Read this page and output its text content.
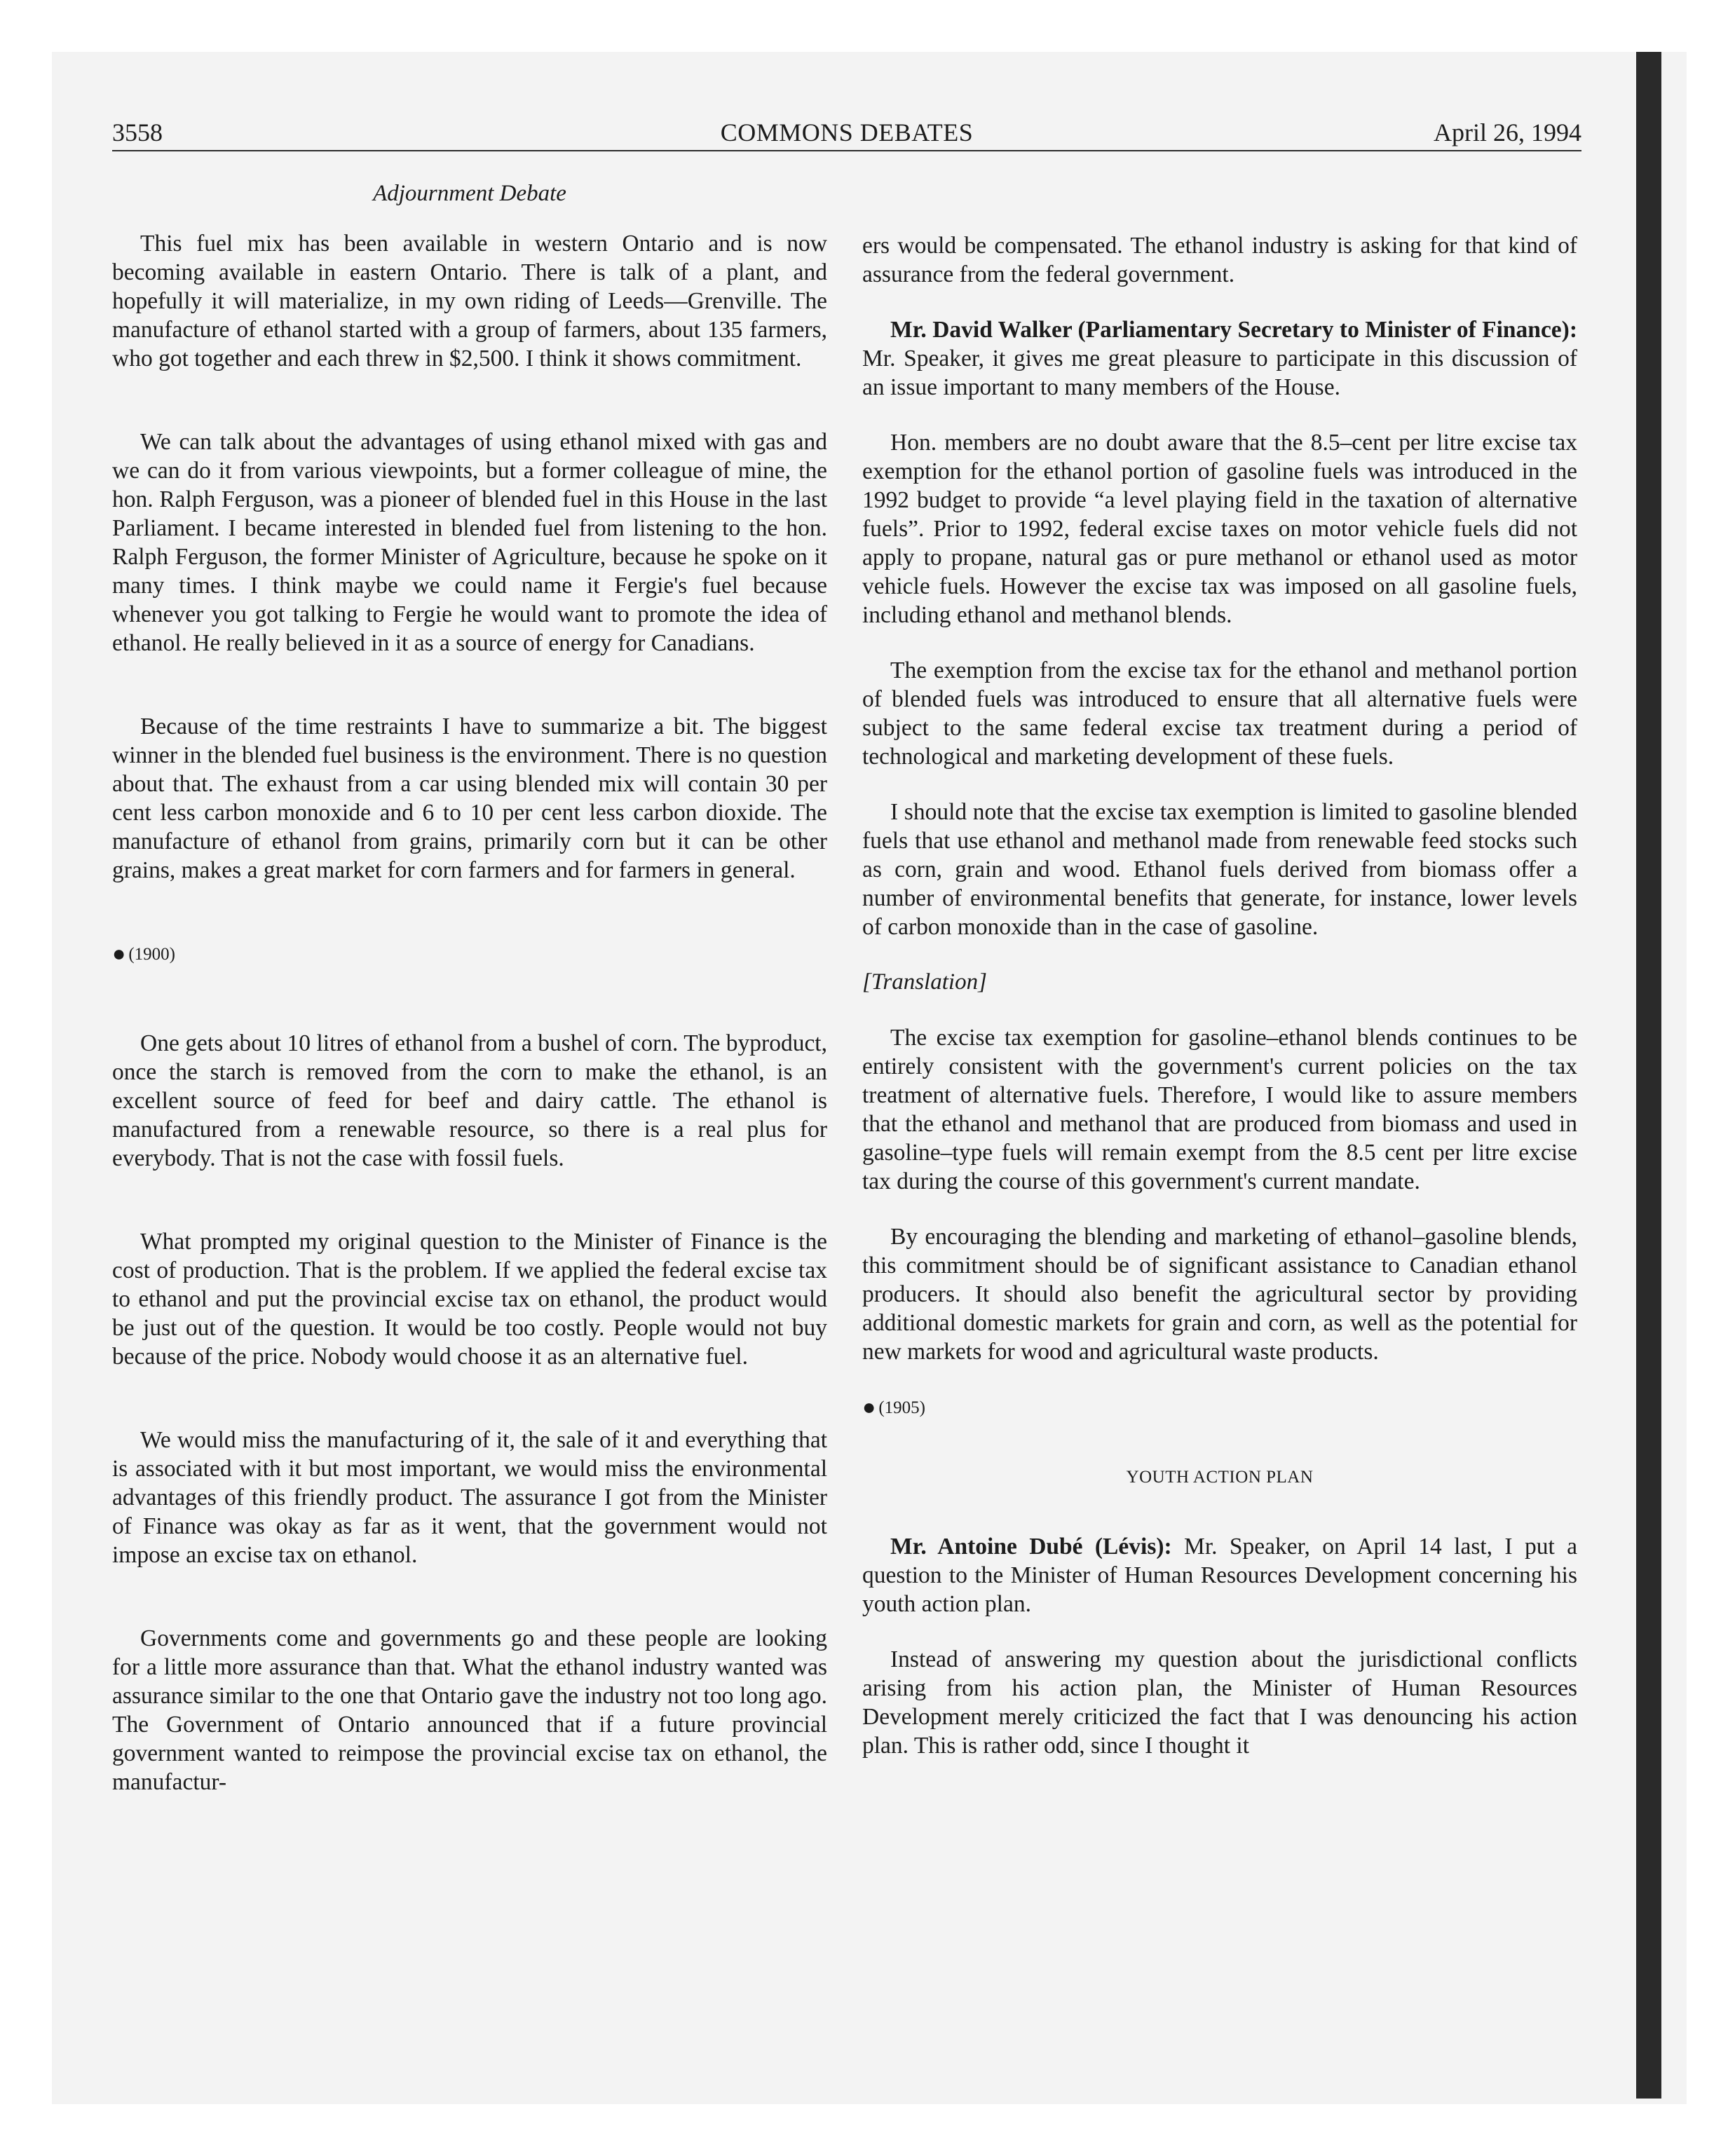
3558	COMMONS DEBATES	April 26, 1994
Adjournment Debate

This fuel mix has been available in western Ontario and is now becoming available in eastern Ontario. There is talk of a plant, and hopefully it will materialize, in my own riding of Leeds—Grenville. The manufacture of ethanol started with a group of farmers, about 135 farmers, who got together and each threw in $2,500. I think it shows commitment.

We can talk about the advantages of using ethanol mixed with gas and we can do it from various viewpoints, but a former colleague of mine, the hon. Ralph Ferguson, was a pioneer of blended fuel in this House in the last Parliament. I became interested in blended fuel from listening to the hon. Ralph Ferguson, the former Minister of Agriculture, because he spoke on it many times. I think maybe we could name it Fergie's fuel because whenever you got talking to Fergie he would want to promote the idea of ethanol. He really believed in it as a source of energy for Canadians.

Because of the time restraints I have to summarize a bit. The biggest winner in the blended fuel business is the environment. There is no question about that. The exhaust from a car using blended mix will contain 30 per cent less carbon monoxide and 6 to 10 per cent less carbon dioxide. The manufacture of ethanol from grains, primarily corn but it can be other grains, makes a great market for corn farmers and for farmers in general.

● (1900)

One gets about 10 litres of ethanol from a bushel of corn. The byproduct, once the starch is removed from the corn to make the ethanol, is an excellent source of feed for beef and dairy cattle. The ethanol is manufactured from a renewable resource, so there is a real plus for everybody. That is not the case with fossil fuels.

What prompted my original question to the Minister of Finance is the cost of production. That is the problem. If we applied the federal excise tax to ethanol and put the provincial excise tax on ethanol, the product would be just out of the question. It would be too costly. People would not buy because of the price. Nobody would choose it as an alternative fuel.

We would miss the manufacturing of it, the sale of it and everything that is associated with it but most important, we would miss the environmental advantages of this friendly product. The assurance I got from the Minister of Finance was okay as far as it went, that the government would not impose an excise tax on ethanol.

Governments come and governments go and these people are looking for a little more assurance than that. What the ethanol industry wanted was assurance similar to the one that Ontario gave the industry not too long ago. The Government of Ontario announced that if a future provincial government wanted to reimpose the provincial excise tax on ethanol, the manufactur-

ers would be compensated. The ethanol industry is asking for that kind of assurance from the federal government.

Mr. David Walker (Parliamentary Secretary to Minister of Finance): Mr. Speaker, it gives me great pleasure to participate in this discussion of an issue important to many members of the House.

Hon. members are no doubt aware that the 8.5–cent per litre excise tax exemption for the ethanol portion of gasoline fuels was introduced in the 1992 budget to provide “a level playing field in the taxation of alternative fuels”. Prior to 1992, federal excise taxes on motor vehicle fuels did not apply to propane, natural gas or pure methanol or ethanol used as motor vehicle fuels. However the excise tax was imposed on all gasoline fuels, including ethanol and methanol blends.

The exemption from the excise tax for the ethanol and methanol portion of blended fuels was introduced to ensure that all alternative fuels were subject to the same federal excise tax treatment during a period of technological and marketing development of these fuels.

I should note that the excise tax exemption is limited to gasoline blended fuels that use ethanol and methanol made from renewable feed stocks such as corn, grain and wood. Ethanol fuels derived from biomass offer a number of environmental benefits that generate, for instance, lower levels of carbon monoxide than in the case of gasoline.

[Translation]

The excise tax exemption for gasoline–ethanol blends continues to be entirely consistent with the government's current policies on the tax treatment of alternative fuels. Therefore, I would like to assure members that the ethanol and methanol that are produced from biomass and used in gasoline–type fuels will remain exempt from the 8.5 cent per litre excise tax during the course of this government's current mandate.

By encouraging the blending and marketing of ethanol–gasoline blends, this commitment should be of significant assistance to Canadian ethanol producers. It should also benefit the agricultural sector by providing additional domestic markets for grain and corn, as well as the potential for new markets for wood and agricultural waste products.

● (1905)
YOUTH ACTION PLAN

Mr. Antoine Dubé (Lévis): Mr. Speaker, on April 14 last, I put a question to the Minister of Human Resources Development concerning his youth action plan.

Instead of answering my question about the jurisdictional conflicts arising from his action plan, the Minister of Human Resources Development merely criticized the fact that I was denouncing his action plan. This is rather odd, since I thought it
